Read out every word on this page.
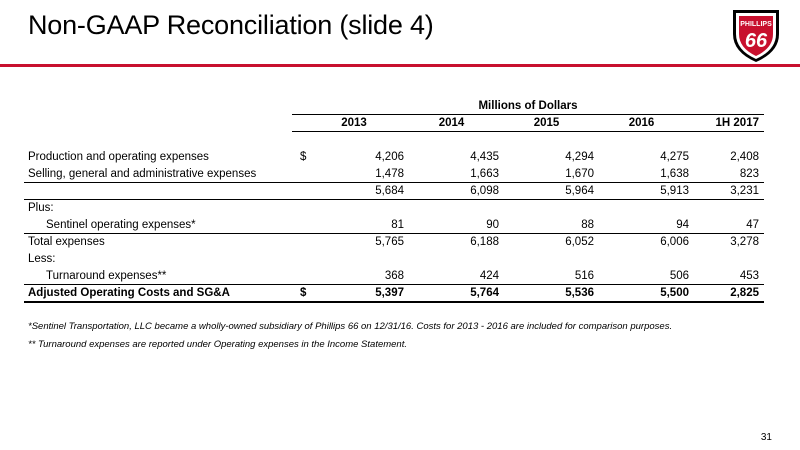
Non-GAAP Reconciliation (slide 4)	PHILLIPS
66
Millions of Dollars
2013	2014	2015	2016	1H 2017
Production and operating expenses	$	4,206	4,435	4,294	4,275	2,408
Selling, general and administrative expenses	1,478	1,663	1,670	1,638	823
5,684	6,098	5,964	5,913	3,231
Plus:
Sentinel operating expenses*	81	90	88	94	47
Total expenses	5,765	6,188	6,052	6,006	3,278
Less:
Turnaround expenses**	368	424	516	506	453
Adjusted Operating Costs and SG&A	$	5,397	5,764	5,536	5,500	2,825
*Sentinel Transportation, LLC became a wholly-owned subsidiary of Phillips 66 on 12/31/16. Costs for 2013 - 2016 are included for comparison purposes.
** Turnaround expenses are reported under Operating expenses in the Income Statement.
31
